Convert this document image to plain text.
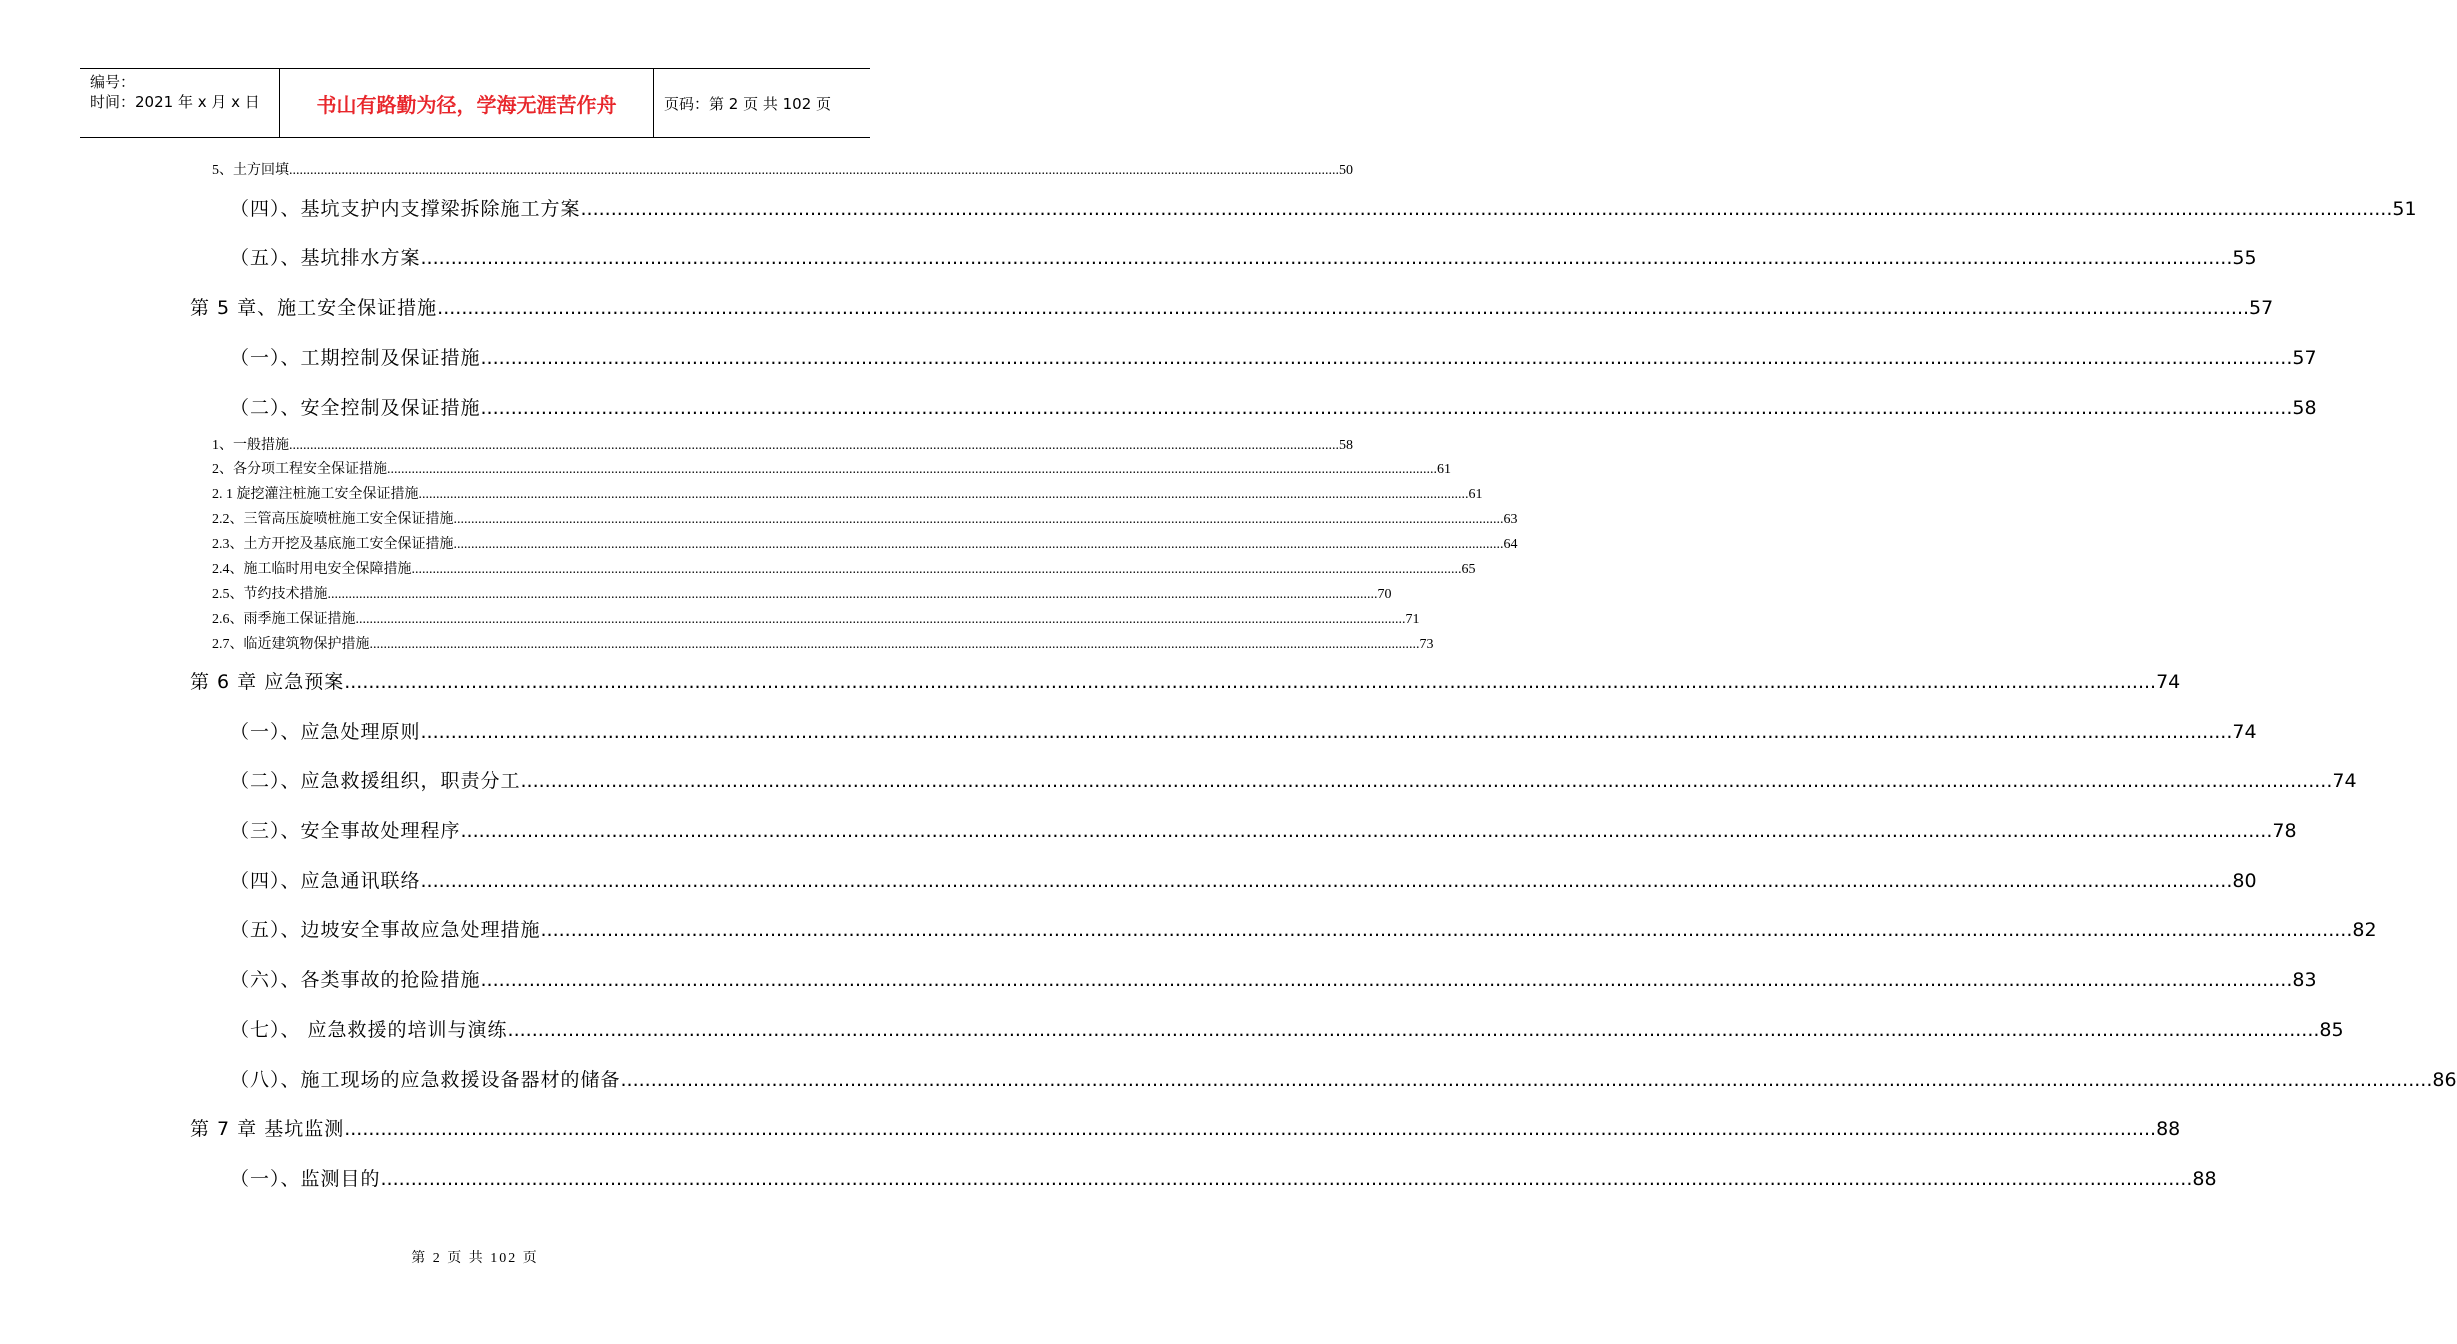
编号：
时间：2021 年 x 月 x 日	书山有路勤为径，学海无涯苦作舟	页码：第 2 页 共 102 页
5、土方回填 ............................................................................................................................................................................................................................................................................................................ 50
（四）、基坑支护内支撑梁拆除施工方案 ............................................................................................................................................................................................................................................................................................................ 51
（五）、基坑排水方案 ............................................................................................................................................................................................................................................................................................................ 55
第 5 章、施工安全保证措施 ............................................................................................................................................................................................................................................................................................................ 57
（一）、工期控制及保证措施 ............................................................................................................................................................................................................................................................................................................ 57
（二）、安全控制及保证措施 ............................................................................................................................................................................................................................................................................................................ 58
1、一般措施 ............................................................................................................................................................................................................................................................................................................ 58
2、各分项工程安全保证措施 ............................................................................................................................................................................................................................................................................................................ 61
2. 1 旋挖灌注桩施工安全保证措施 ............................................................................................................................................................................................................................................................................................................ 61
2.2、三管高压旋喷桩施工安全保证措施 ............................................................................................................................................................................................................................................................................................................ 63
2.3、土方开挖及基底施工安全保证措施 ............................................................................................................................................................................................................................................................................................................ 64
2.4、施工临时用电安全保障措施 ............................................................................................................................................................................................................................................................................................................ 65
2.5、节约技术措施 ............................................................................................................................................................................................................................................................................................................ 70
2.6、雨季施工保证措施 ............................................................................................................................................................................................................................................................................................................ 71
2.7、临近建筑物保护措施 ............................................................................................................................................................................................................................................................................................................ 73
第 6 章 应急预案 ............................................................................................................................................................................................................................................................................................................ 74
（一）、应急处理原则 ............................................................................................................................................................................................................................................................................................................ 74
（二）、应急救援组织，职责分工 ............................................................................................................................................................................................................................................................................................................ 74
（三）、安全事故处理程序 ............................................................................................................................................................................................................................................................................................................ 78
（四）、应急通讯联络 ............................................................................................................................................................................................................................................................................................................ 80
（五）、边坡安全事故应急处理措施 ............................................................................................................................................................................................................................................................................................................ 82
（六）、各类事故的抢险措施 ............................................................................................................................................................................................................................................................................................................ 83
（七）、 应急救援的培训与演练 ............................................................................................................................................................................................................................................................................................................ 85
（八）、施工现场的应急救援设备器材的储备 ............................................................................................................................................................................................................................................................................................................ 86
第 7 章 基坑监测 ............................................................................................................................................................................................................................................................................................................ 88
（一）、监测目的 ............................................................................................................................................................................................................................................................................................................ 88
第 2 页 共 102 页
